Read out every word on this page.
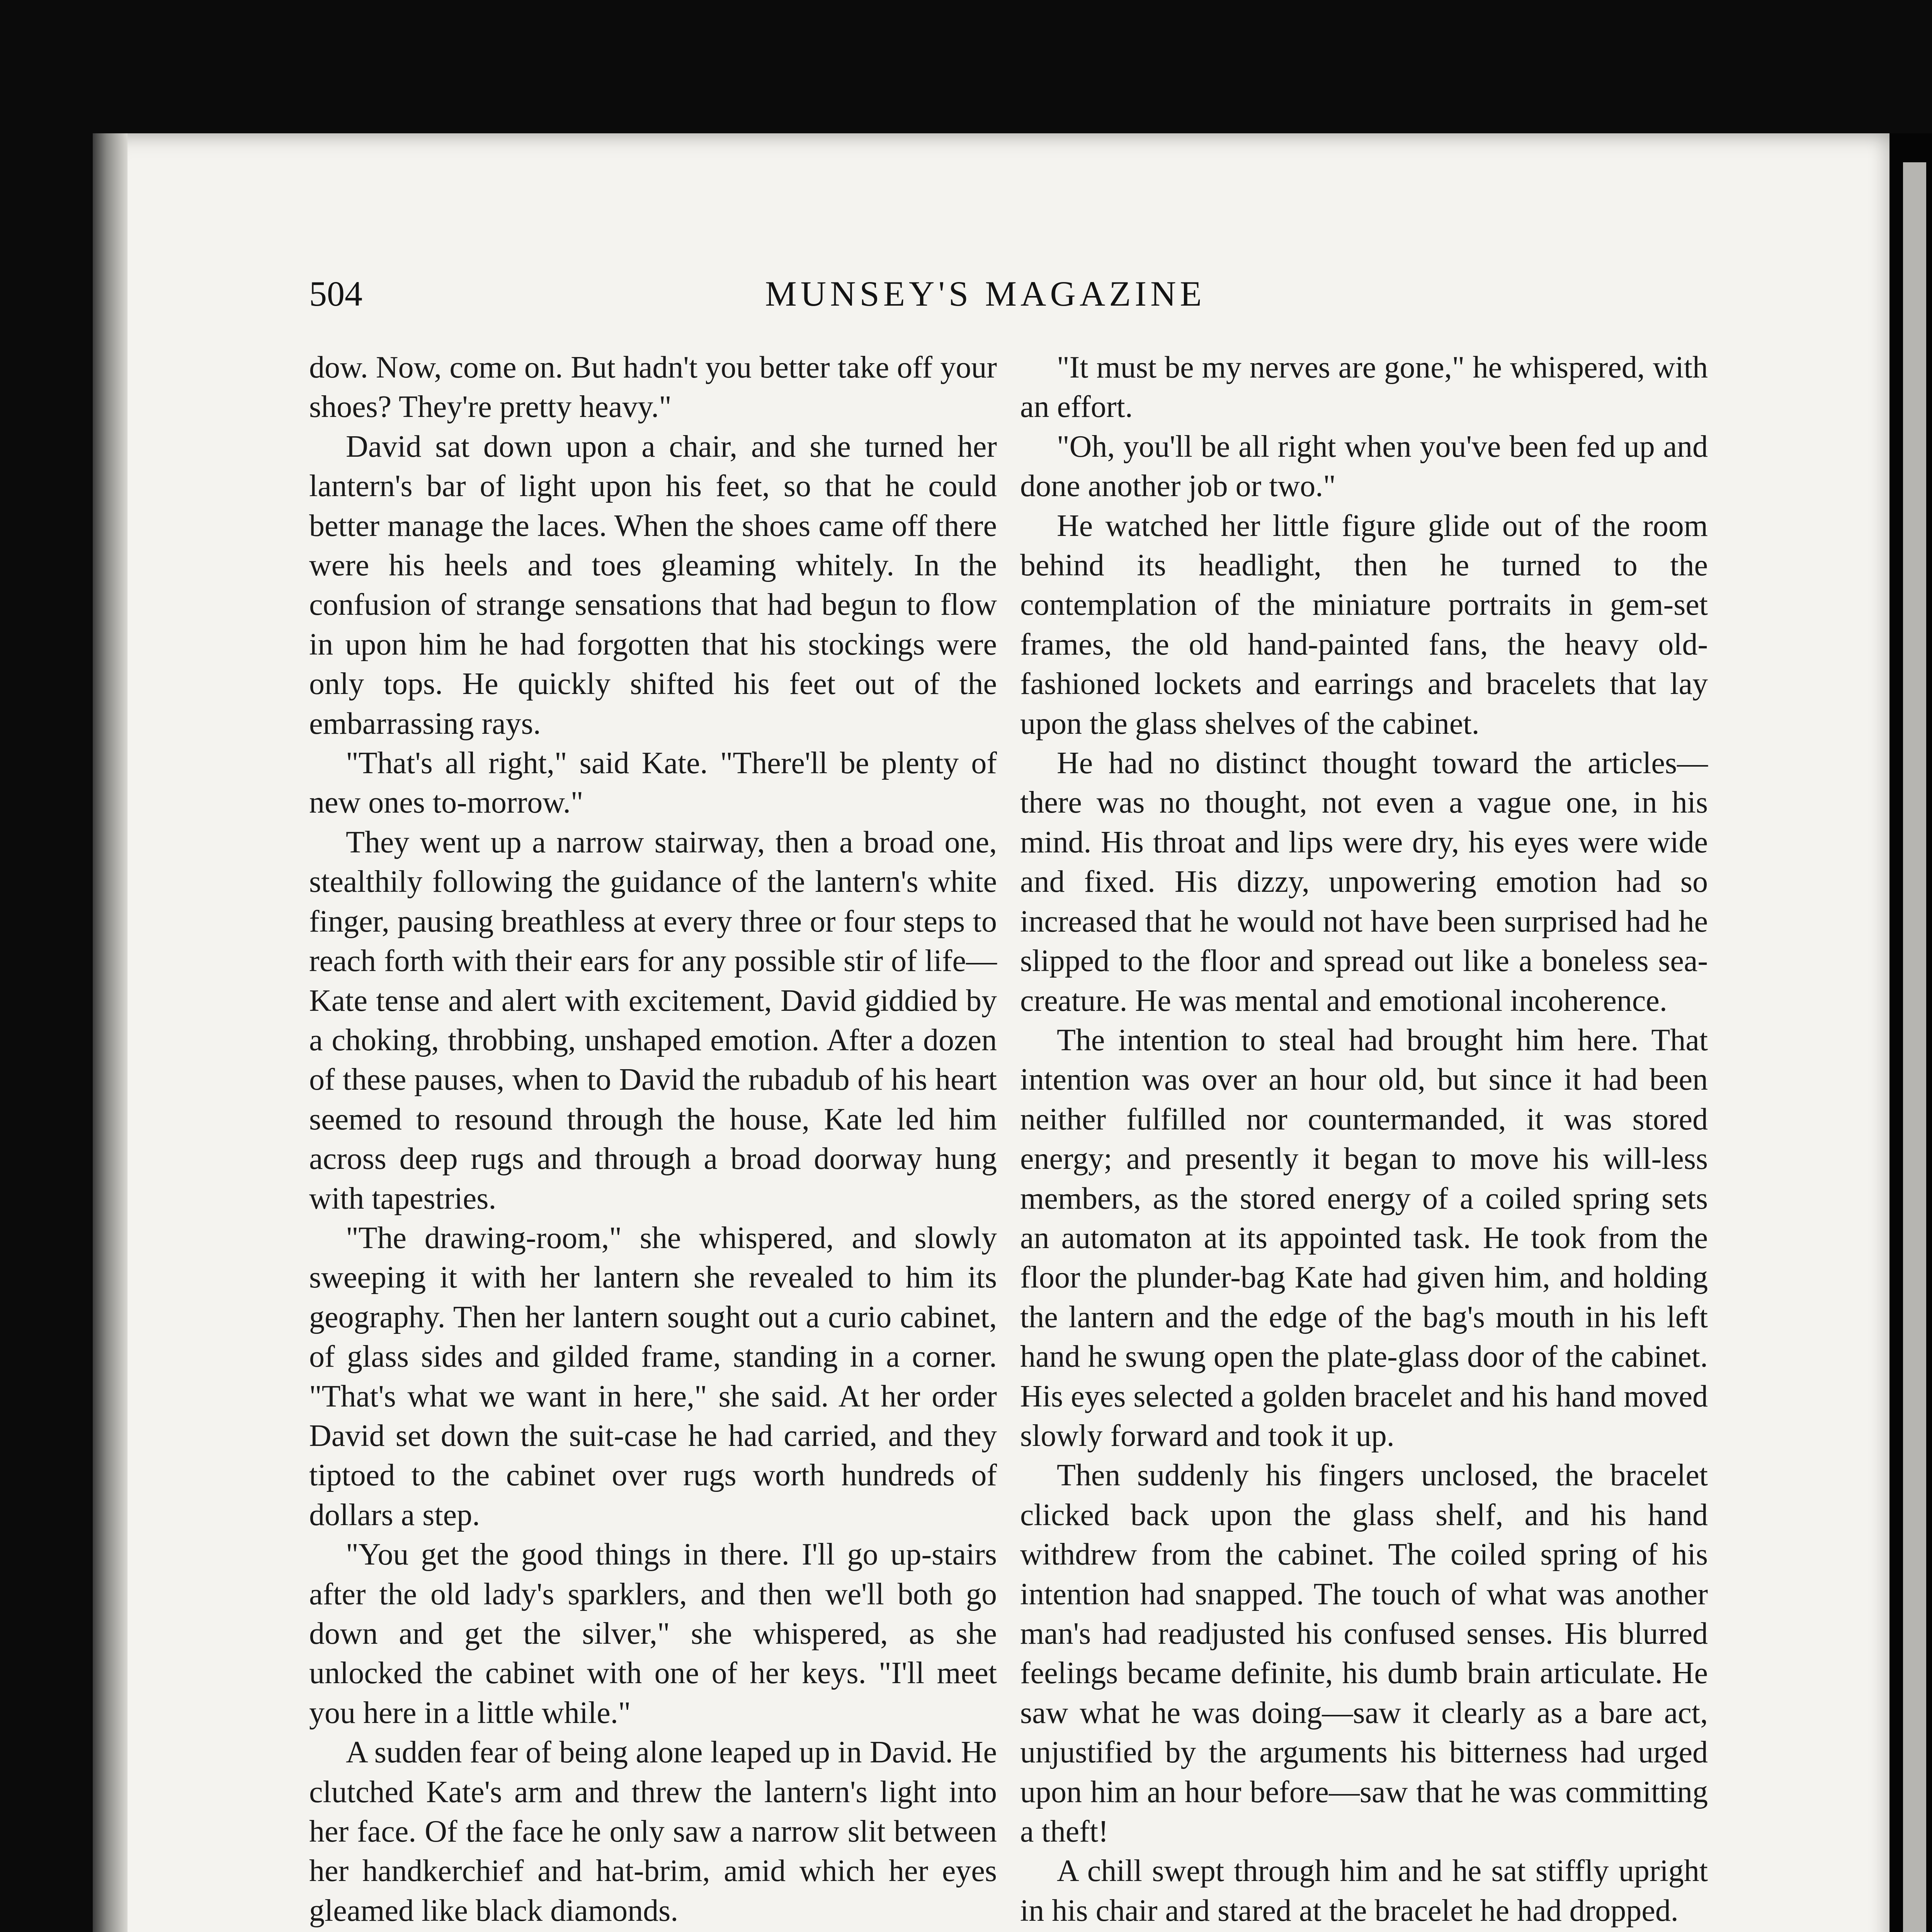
504	MUNSEY'S MAGAZINE

dow. Now, come on. But hadn't you better take off your shoes? They're pretty heavy."

David sat down upon a chair, and she turned her lantern's bar of light upon his feet, so that he could better manage the laces. When the shoes came off there were his heels and toes gleaming whitely. In the confusion of strange sensations that had begun to flow in upon him he had forgotten that his stockings were only tops. He quickly shifted his feet out of the embarrassing rays.

"That's all right," said Kate. "There'll be plenty of new ones to-morrow."

They went up a narrow stairway, then a broad one, stealthily following the guidance of the lantern's white finger, pausing breathless at every three or four steps to reach forth with their ears for any possible stir of life—Kate tense and alert with excitement, David giddied by a choking, throbbing, unshaped emotion. After a dozen of these pauses, when to David the rubadub of his heart seemed to resound through the house, Kate led him across deep rugs and through a broad doorway hung with tapestries.

"The drawing-room," she whispered, and slowly sweeping it with her lantern she revealed to him its geography. Then her lantern sought out a curio cabinet, of glass sides and gilded frame, standing in a corner. "That's what we want in here," she said. At her order David set down the suit-case he had carried, and they tiptoed to the cabinet over rugs worth hundreds of dollars a step.

"You get the good things in there. I'll go up-stairs after the old lady's sparklers, and then we'll both go down and get the silver," she whispered, as she unlocked the cabinet with one of her keys. "I'll meet you here in a little while."

A sudden fear of being alone leaped up in David. He clutched Kate's arm and threw the lantern's light into her face. Of the face he only saw a narrow slit between her handkerchief and hat-brim, amid which her eyes gleamed like black diamonds.

"It must be my nerves are gone," he whispered, with an effort.

"Oh, you'll be all right when you've been fed up and done another job or two."

He watched her little figure glide out of the room behind its headlight, then he turned to the contemplation of the miniature portraits in gem-set frames, the old hand-painted fans, the heavy old-fashioned lockets and earrings and bracelets that lay upon the glass shelves of the cabinet.

He had no distinct thought toward the articles—there was no thought, not even a vague one, in his mind. His throat and lips were dry, his eyes were wide and fixed. His dizzy, unpowering emotion had so increased that he would not have been surprised had he slipped to the floor and spread out like a boneless sea-creature. He was mental and emotional incoherence.

The intention to steal had brought him here. That intention was over an hour old, but since it had been neither fulfilled nor countermanded, it was stored energy; and presently it began to move his will-less members, as the stored energy of a coiled spring sets an automaton at its appointed task. He took from the floor the plunder-bag Kate had given him, and holding the lantern and the edge of the bag's mouth in his left hand he swung open the plate-glass door of the cabinet. His eyes selected a golden bracelet and his hand moved slowly forward and took it up.

Then suddenly his fingers unclosed, the bracelet clicked back upon the glass shelf, and his hand withdrew from the cabinet. The coiled spring of his intention had snapped. The touch of what was another man's had readjusted his confused senses. His blurred feelings became definite, his dumb brain articulate. He saw what he was doing—saw it clearly as a bare act, unjustified by the arguments his bitterness had urged upon him an hour before—saw that he was committing a theft!

A chill swept through him and he sat stiffly upright in his chair and stared at the bracelet he had dropped.
